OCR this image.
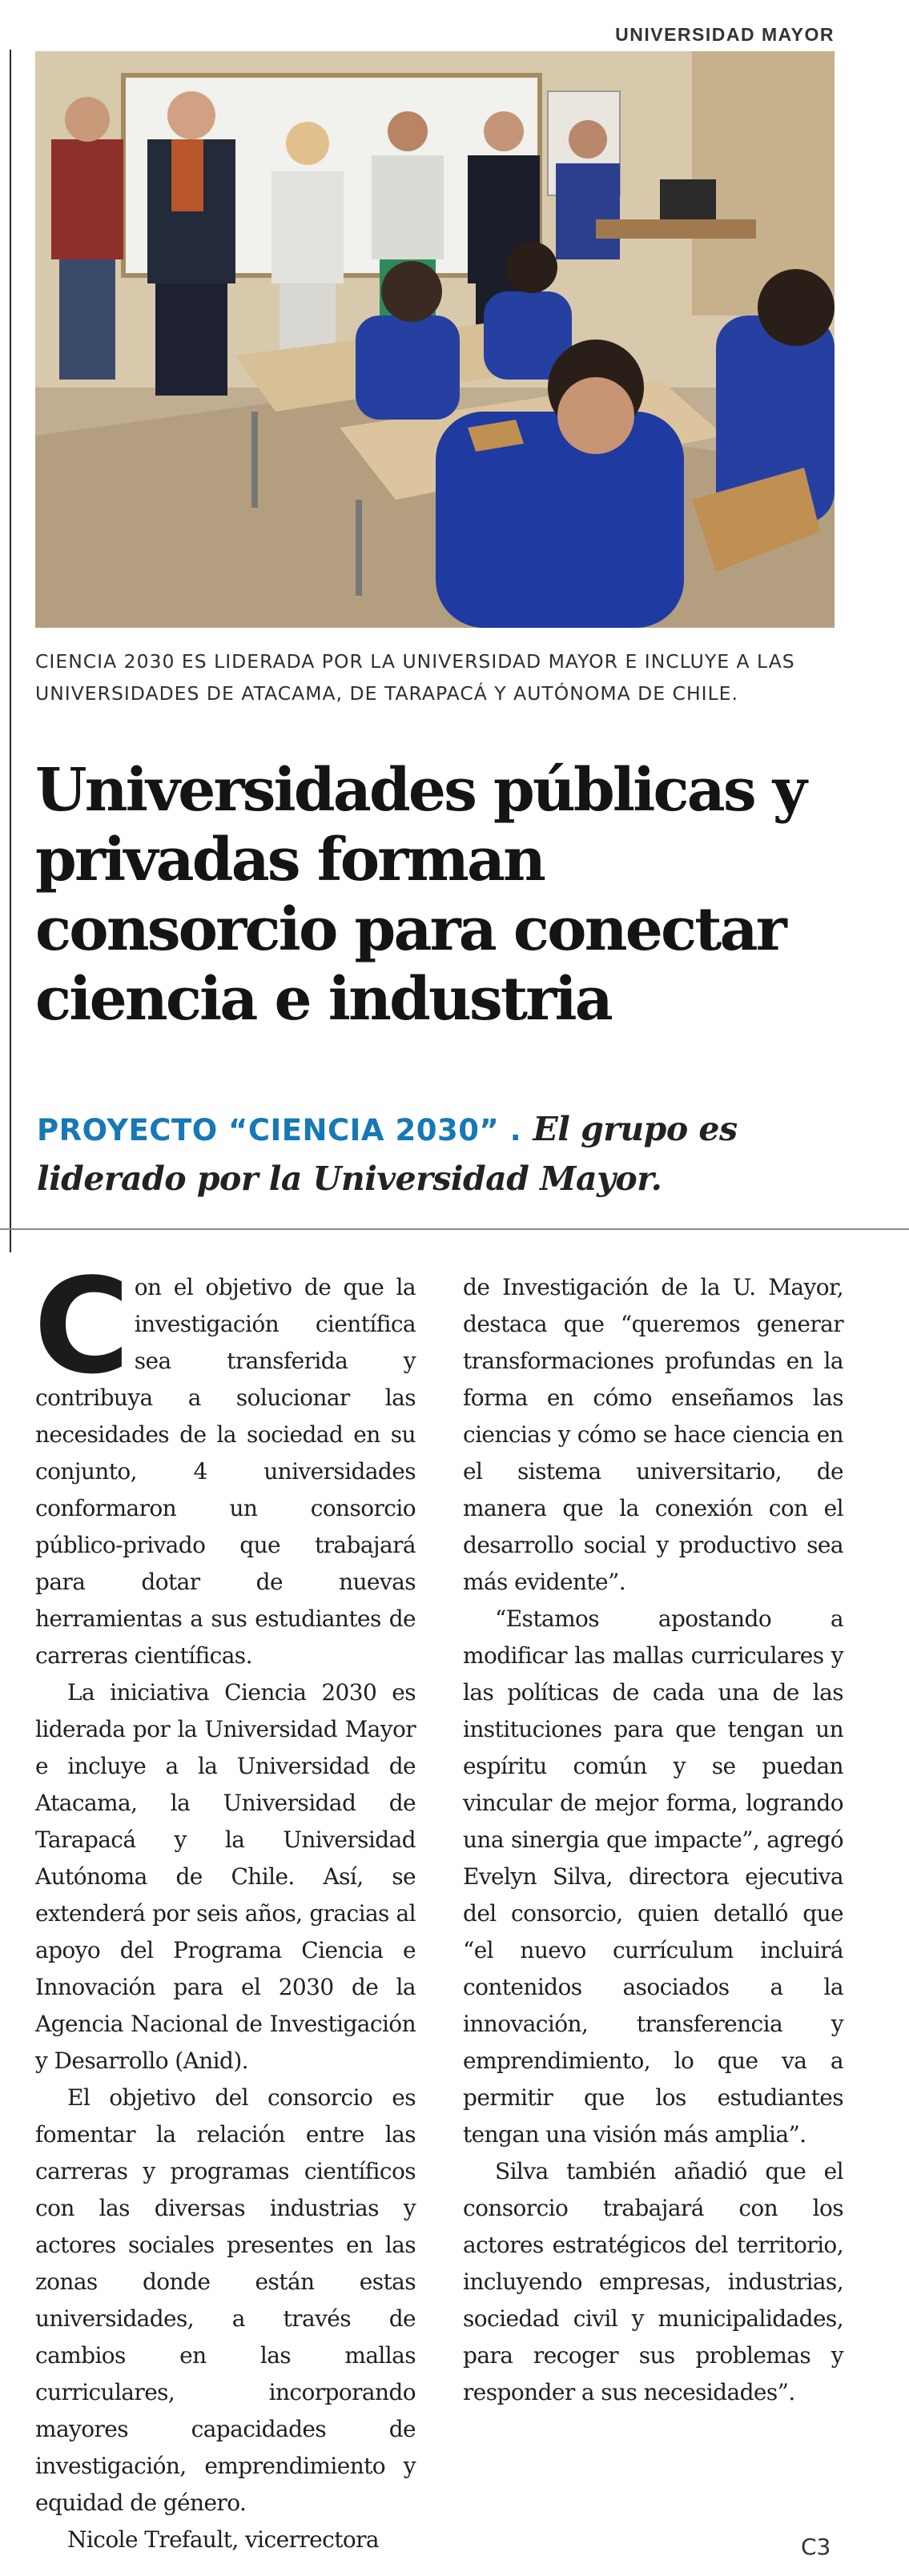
UNIVERSIDAD MAYOR
CIENCIA 2030 ES LIDERADA POR LA UNIVERSIDAD MAYOR E INCLUYE A LAS UNIVERSIDADES DE ATACAMA, DE TARAPACÁ Y AUTÓNOMA DE CHILE.
Universidades públicas y privadas forman consorcio para conectar ciencia e industria
PROYECTO “CIENCIA 2030” . El grupo es liderado por la Universidad Mayor.

Con el objetivo de que la investigación científica sea transferida y contribuya a solucionar las necesidades de la sociedad en su conjunto, 4 universidades conformaron un consorcio público-privado que trabajará para dotar de nuevas herramientas a sus estudiantes de carreras científicas.

La iniciativa Ciencia 2030 es liderada por la Universidad Mayor e incluye a la Universidad de Atacama, la Universidad de Tarapacá y la Universidad Autónoma de Chile. Así, se extenderá por seis años, gracias al apoyo del Programa Ciencia e Innovación para el 2030 de la Agencia Nacional de Investigación y Desarrollo (Anid).

El objetivo del consorcio es fomentar la relación entre las carreras y programas científicos con las diversas industrias y actores sociales presentes en las zonas donde están estas universidades, a través de cambios en las mallas curriculares, incorporando mayores capacidades de investigación, emprendimiento y equidad de género.

Nicole Trefault, vicerrectora

de Investigación de la U. Mayor, destaca que “queremos generar transformaciones profundas en la forma en cómo enseñamos las ciencias y cómo se hace ciencia en el sistema universitario, de manera que la conexión con el desarrollo social y productivo sea más evidente”.

“Estamos apostando a modificar las mallas curriculares y las políticas de cada una de las instituciones para que tengan un espíritu común y se puedan vincular de mejor forma, logrando una sinergia que impacte”, agregó Evelyn Silva, directora ejecutiva del consorcio, quien detalló que “el nuevo currículum incluirá contenidos asociados a la innovación, transferencia y emprendimiento, lo que va a permitir que los estudiantes tengan una visión más amplia”.

Silva también añadió que el consorcio trabajará con los actores estratégicos del territorio, incluyendo empresas, industrias, sociedad civil y municipalidades, para recoger sus problemas y responder a sus necesidades”.

C3
